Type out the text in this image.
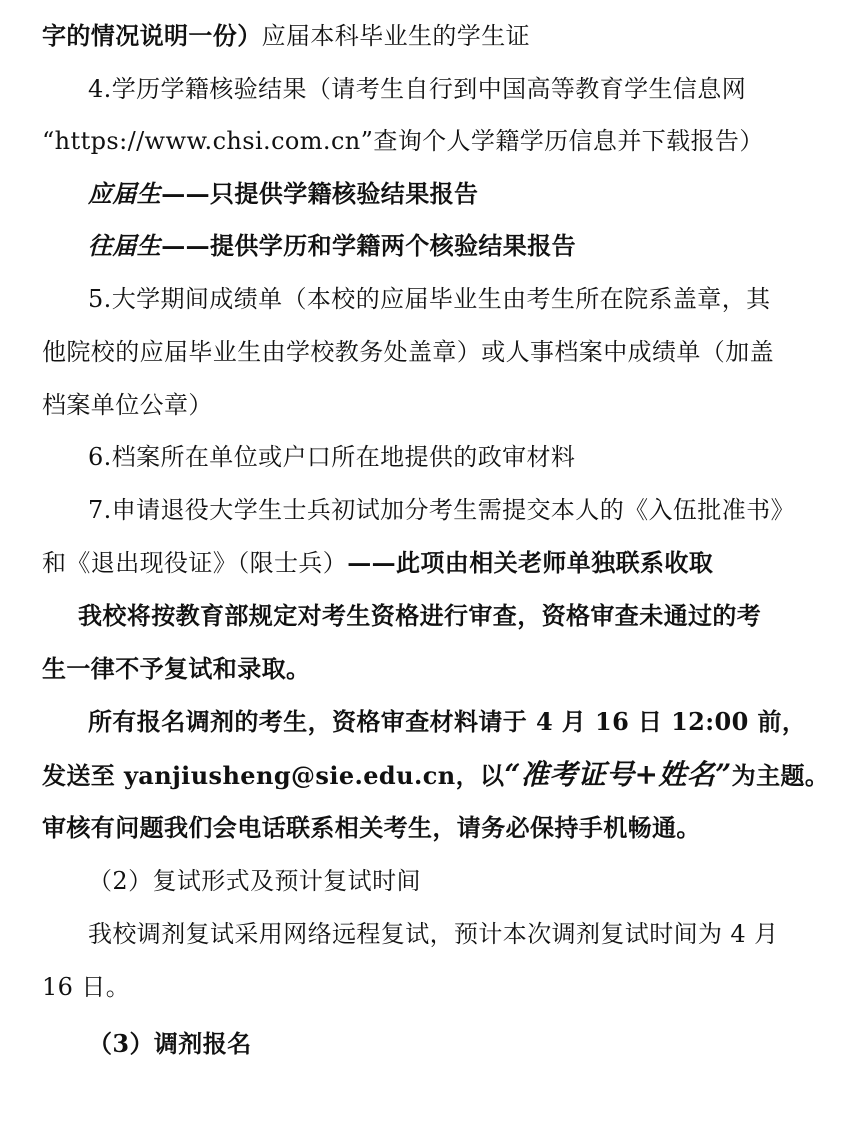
字的情况说明一份）应届本科毕业生的学生证
4.学历学籍核验结果（请考生自行到中国高等教育学生信息网
“https://www.chsi.com.cn”查询个人学籍学历信息并下载报告）
应届生——只提供学籍核验结果报告
往届生——提供学历和学籍两个核验结果报告
5.大学期间成绩单（本校的应届毕业生由考生所在院系盖章，其
他院校的应届毕业生由学校教务处盖章）或人事档案中成绩单（加盖
档案单位公章）
6.档案所在单位或户口所在地提供的政审材料
7.申请退役大学生士兵初试加分考生需提交本人的《入伍批准书》
和《退出现役证》（限士兵）——此项由相关老师单独联系收取
我校将按教育部规定对考生资格进行审查，资格审查未通过的考
生一律不予复试和录取。
所有报名调剂的考生，资格审查材料请于 4 月 16 日 12:00 前，
发送至 yanjiusheng@sie.edu.cn，以“准考证号+姓名”为主题。
审核有问题我们会电话联系相关考生，请务必保持手机畅通。
（2）复试形式及预计复试时间
我校调剂复试采用网络远程复试，预计本次调剂复试时间为 4 月
16 日。
（3）调剂报名
